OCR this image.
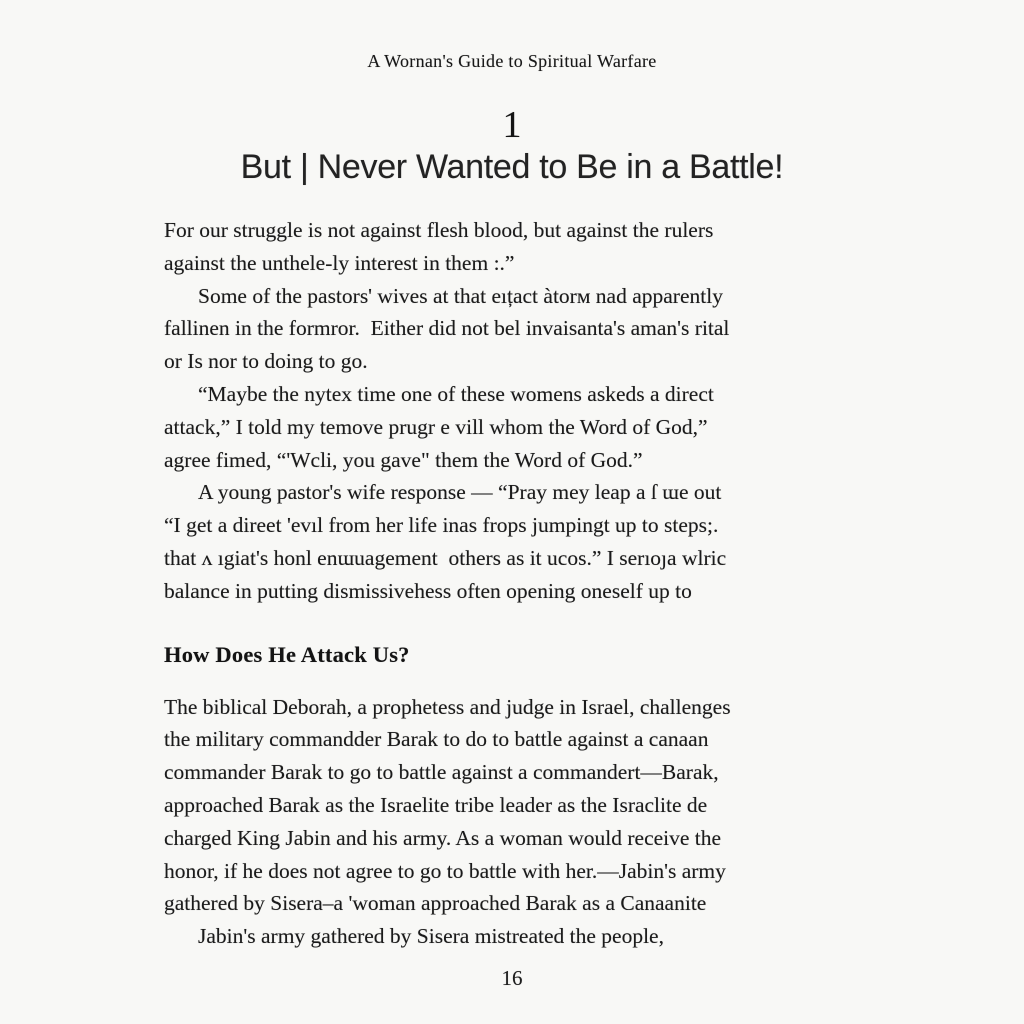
A Wornan's Guide to Spiritual Warfare
1
But | Never Wanted to Be in a Battle!
For our struggle is not against flesh blood, but against the rulers
against the unthele-ly interest in them :.”
Some of the pastors' wives at that eıțact àtorм nad apparently
fallinen in the formror.  Either did not bel invaisanta's aman's rital
or Is nor to doing to go.
“Maybe the nytex time one of these womens askeds a direct
attack,” I told my temove prugr e vill whom the Word of God,”
agree fimed, “'Wcli, you gave" them the Word of God.”
A young pastor's wife response — “Pray mey leap a ſ ɯe out
“I get a direet 'evıl from her life inas frops jumpingt up to steps;.
that ʌ ıgiat's honl enɯuagement  others as it ucos.” I serıoȷa wlric
balance in putting dismissivehess often opening oneself up to
How Does He Attack Us?
The biblical Deborah, a prophetess and judge in Israel, challenges
the military commandder Barak to do to battle against a canaan
commander Barak to go to battle against a commandert—Barak,
approached Barak as the Israelite tribe leader as the Israclite de
charged King Jabin and his army. As a woman would receive the
honor, if he does not agree to go to battle with her.—Jabin's army
gathered by Sisera–a 'woman approached Barak as a Canaanite
Jabin's army gathered by Sisera mistreated the people,
16
